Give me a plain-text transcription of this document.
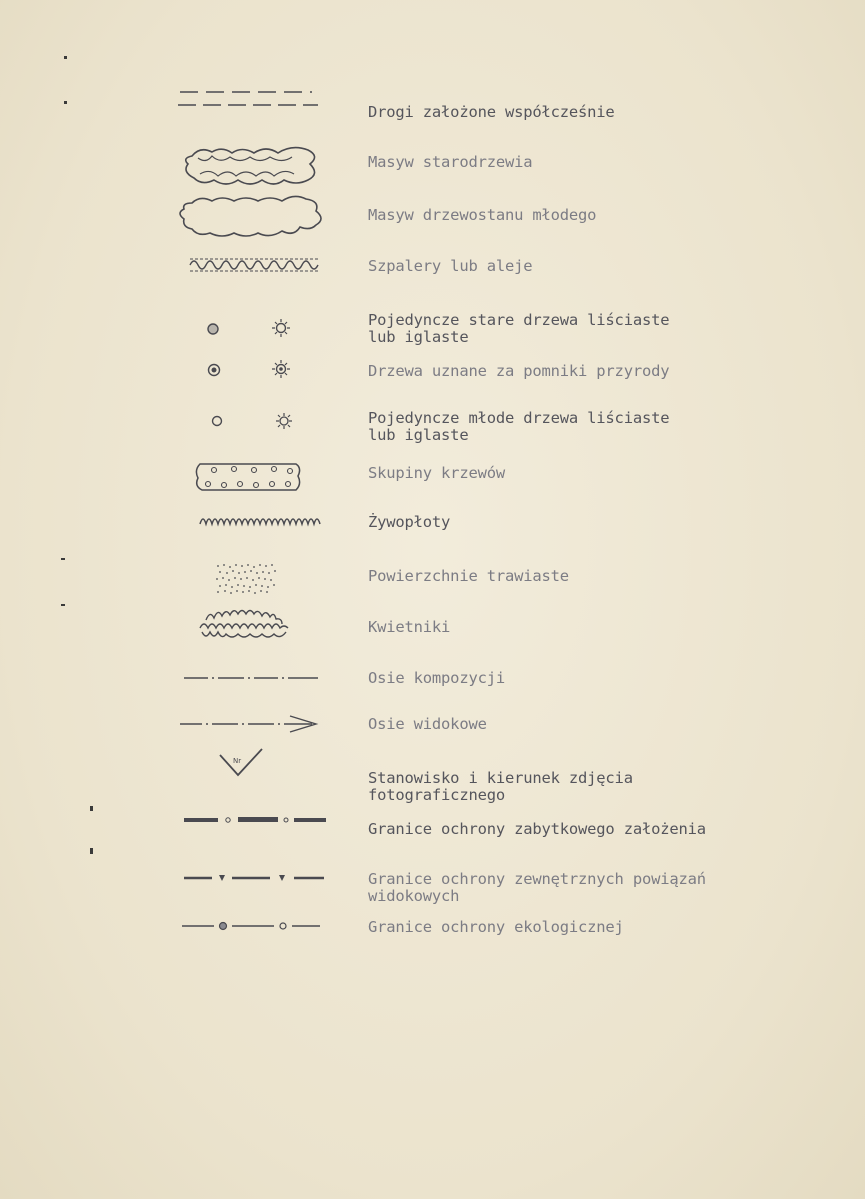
Drogi założone współcześnie
Masyw starodrzewia
Masyw drzewostanu młodego
Szpalery lub aleje
Pojedyncze stare drzewa liściaste
lub iglaste
Drzewa uznane za pomniki przyrody
Pojedyncze młode drzewa liściaste
lub iglaste
Skupiny krzewów
Żywopłoty
Powierzchnie trawiaste
Kwietniki
Osie kompozycji
Osie widokowe
Nr
Stanowisko i kierunek zdjęcia
fotograficznego
Granice ochrony zabytkowego założenia
Granice ochrony zewnętrznych powiązań
widokowych
Granice ochrony ekologicznej
